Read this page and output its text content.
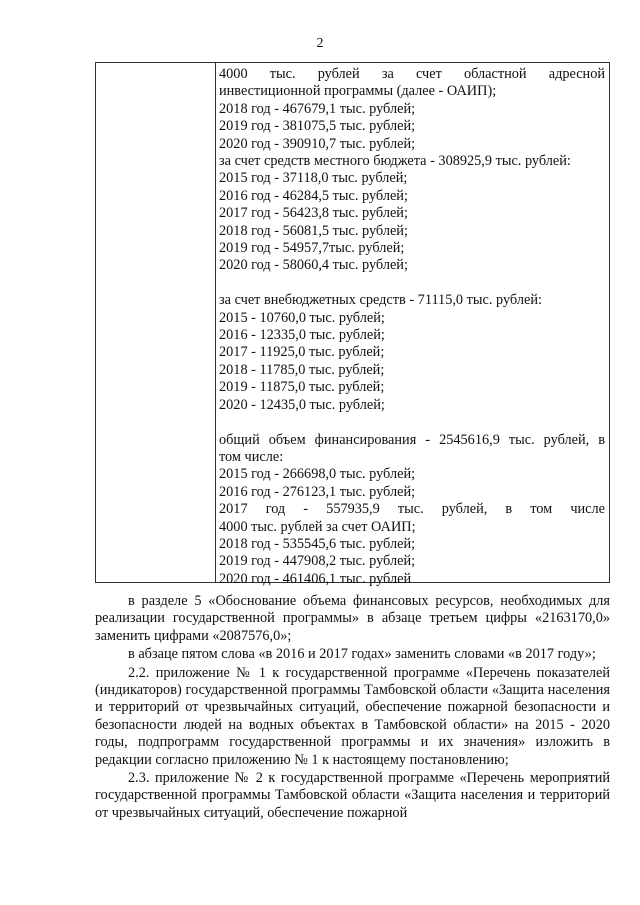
2
4000 тыс. рублей за счет областной адресной
инвестиционной программы (далее - ОАИП);
2018 год - 467679,1 тыс. рублей;
2019 год - 381075,5 тыс. рублей;
2020 год - 390910,7 тыс. рублей;
за счет средств местного бюджета - 308925,9 тыс. рублей:
2015 год - 37118,0 тыс. рублей;
2016 год - 46284,5 тыс. рублей;
2017 год - 56423,8 тыс. рублей;
2018 год - 56081,5 тыс. рублей;
2019 год - 54957,7тыс. рублей;
2020 год - 58060,4 тыс. рублей;
за счет внебюджетных средств - 71115,0 тыс. рублей:
2015 - 10760,0 тыс. рублей;
2016 - 12335,0 тыс. рублей;
2017 - 11925,0 тыс. рублей;
2018 - 11785,0 тыс. рублей;
2019 - 11875,0 тыс. рублей;
2020 - 12435,0 тыс. рублей;
общий объем финансирования - 2545616,9 тыс. рублей, в
том числе:
2015 год - 266698,0 тыс. рублей;
2016 год - 276123,1 тыс. рублей;
2017 год - 557935,9 тыс. рублей, в том числе
4000 тыс. рублей за счет ОАИП;
2018 год - 535545,6 тыс. рублей;
2019 год - 447908,2 тыс. рублей;
2020 год - 461406,1 тыс. рублей

в разделе 5 «Обоснование объема финансовых ресурсов, необходимых для реализации государственной программы» в абзаце третьем цифры «2163170,0» заменить цифрами «2087576,0»;

в абзаце пятом слова «в 2016 и 2017 годах» заменить словами «в 2017 году»;

2.2. приложение № 1 к государственной программе «Перечень показателей (индикаторов) государственной программы Тамбовской области «Защита населения и территорий от чрезвычайных ситуаций, обеспечение пожарной безопасности и безопасности людей на водных объектах в Тамбовской области» на 2015 - 2020 годы, подпрограмм государственной программы и их значения» изложить в редакции согласно приложению № 1 к настоящему постановлению;

2.3. приложение № 2 к государственной программе «Перечень мероприятий государственной программы Тамбовской области «Защита населения и территорий от чрезвычайных ситуаций, обеспечение пожарной
